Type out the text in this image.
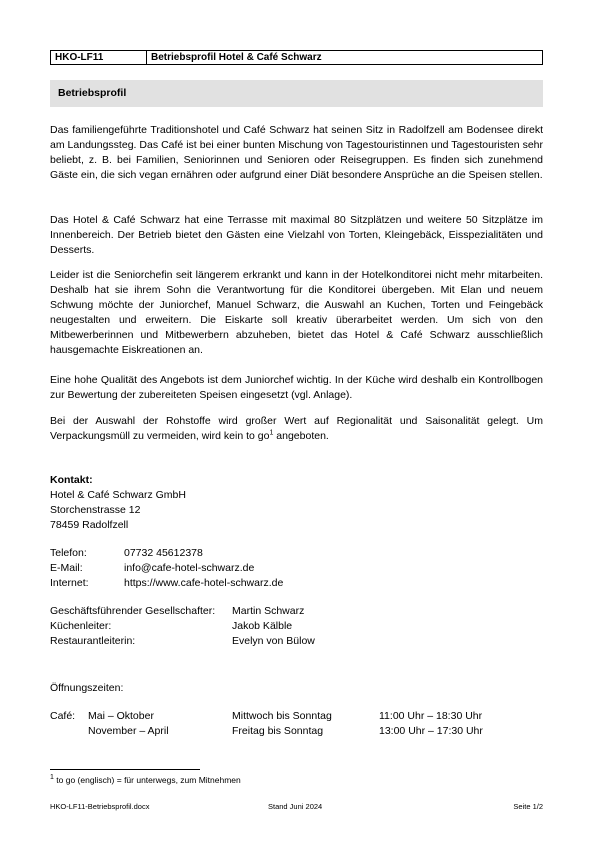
HKO-LF11	Betriebsprofil Hotel & Café Schwarz
Betriebsprofil

Das familiengeführte Traditionshotel und Café Schwarz hat seinen Sitz in Radolfzell am Bodensee direkt am Landungssteg. Das Café ist bei einer bunten Mischung von Tagestouristinnen und Tagestouristen sehr beliebt, z. B. bei Familien, Seniorinnen und Senioren oder Reisegruppen. Es finden sich zunehmend Gäste ein, die sich vegan ernähren oder aufgrund einer Diät besondere Ansprüche an die Speisen stellen.

Das Hotel & Café Schwarz hat eine Terrasse mit maximal 80 Sitzplätzen und weitere 50 Sitzplätze im Innenbereich. Der Betrieb bietet den Gästen eine Vielzahl von Torten, Kleingebäck, Eisspezialitäten und Desserts.

Leider ist die Seniorchefin seit längerem erkrankt und kann in der Hotelkonditorei nicht mehr mitarbeiten. Deshalb hat sie ihrem Sohn die Verantwortung für die Konditorei übergeben. Mit Elan und neuem Schwung möchte der Juniorchef, Manuel Schwarz, die Auswahl an Kuchen, Torten und Feingebäck neugestalten und erweitern. Die Eiskarte soll kreativ überarbeitet werden. Um sich von den Mitbewerberinnen und Mitbewerbern abzuheben, bietet das Hotel & Café Schwarz ausschließlich hausgemachte Eiskreationen an.

Eine hohe Qualität des Angebots ist dem Juniorchef wichtig. In der Küche wird deshalb ein Kontrollbogen zur Bewertung der zubereiteten Speisen eingesetzt (vgl. Anlage).

Bei der Auswahl der Rohstoffe wird großer Wert auf Regionalität und Saisonalität gelegt. Um Verpackungsmüll zu vermeiden, wird kein to $go^1$ angeboten.

Kontakt:
Hotel & Café Schwarz GmbH
Storchenstrasse 12
78459 Radolfzell
Telefon:	07732 45612378
E-Mail:	info@cafe-hotel-schwarz.de
Internet:	https://www.cafe-hotel-schwarz.de
Geschäftsführender Gesellschafter: Martin Schwarz
Küchenleiter:	Jakob Kälble
Restaurantleiterin:	Evelyn von Bülow
Öffnungszeiten:
Café: Mai – Oktober	Mittwoch bis Sonntag	11:00 Uhr – 18:30 Uhr
November – April	Freitag bis Sonntag	13:00 Uhr – 17:30 Uhr
$^1$ to go (englisch) = für unterwegs, zum Mitnehmen
HKO-LF11-Betriebsprofil.docx	Stand Juni 2024	Seite 1/2
